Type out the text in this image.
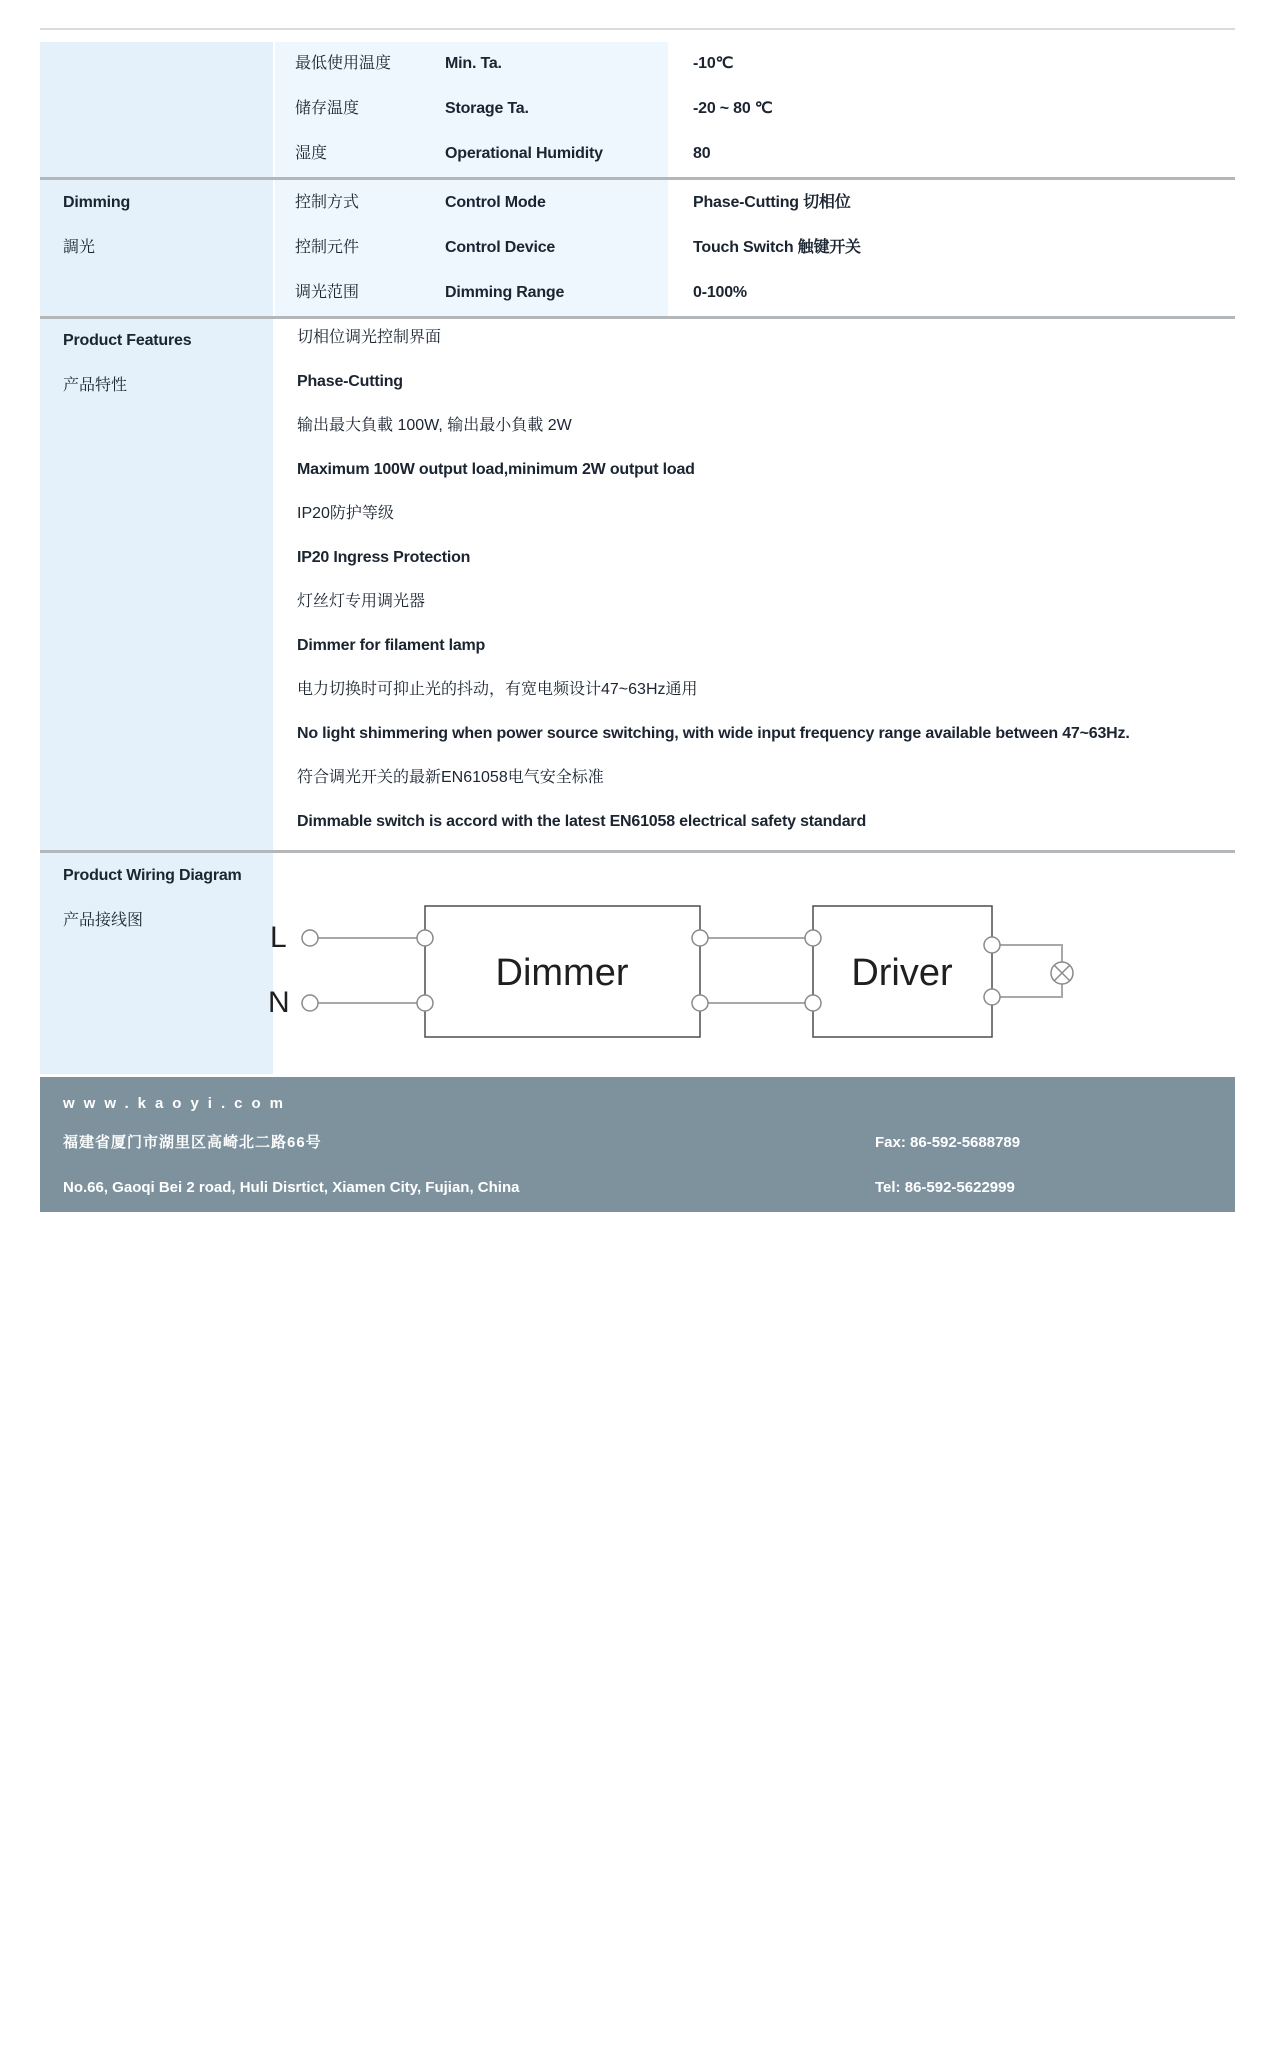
最低使用温度	Min. Ta.	-10℃
储存温度	Storage Ta.	-20 ~ 80 ℃
湿度	Operational Humidity	80
Dimming
調光
控制方式	Control Mode	Phase-Cutting 切相位
控制元件	Control Device	Touch Switch 触键开关
调光范围	Dimming Range	0-100%
Product Features
产品特性
切相位调光控制界面
Phase-Cutting
输出最大負載 100W, 输出最小負載 2W
Maximum 100W output load,minimum 2W output load
IP20防护等级
IP20 Ingress Protection
灯丝灯专用调光器
Dimmer for filament lamp
电力切换时可抑止光的抖动，有宽电频设计47~63Hz通用
No light shimmering when power source switching, with wide input frequency range available between 47~63Hz.
符合调光开关的最新EN61058电气安全标准
Dimmable switch is accord with the latest EN61058 electrical safety standard
Product Wiring Diagram
产品接线图
L
N
Dimmer	Driver
www.kaoyi.com
福建省厦门市湖里区高崎北二路66号
No.66, Gaoqi Bei 2 road, Huli Disrtict, Xiamen City, Fujian, China
Fax: 86-592-5688789
Tel: 86-592-5622999
